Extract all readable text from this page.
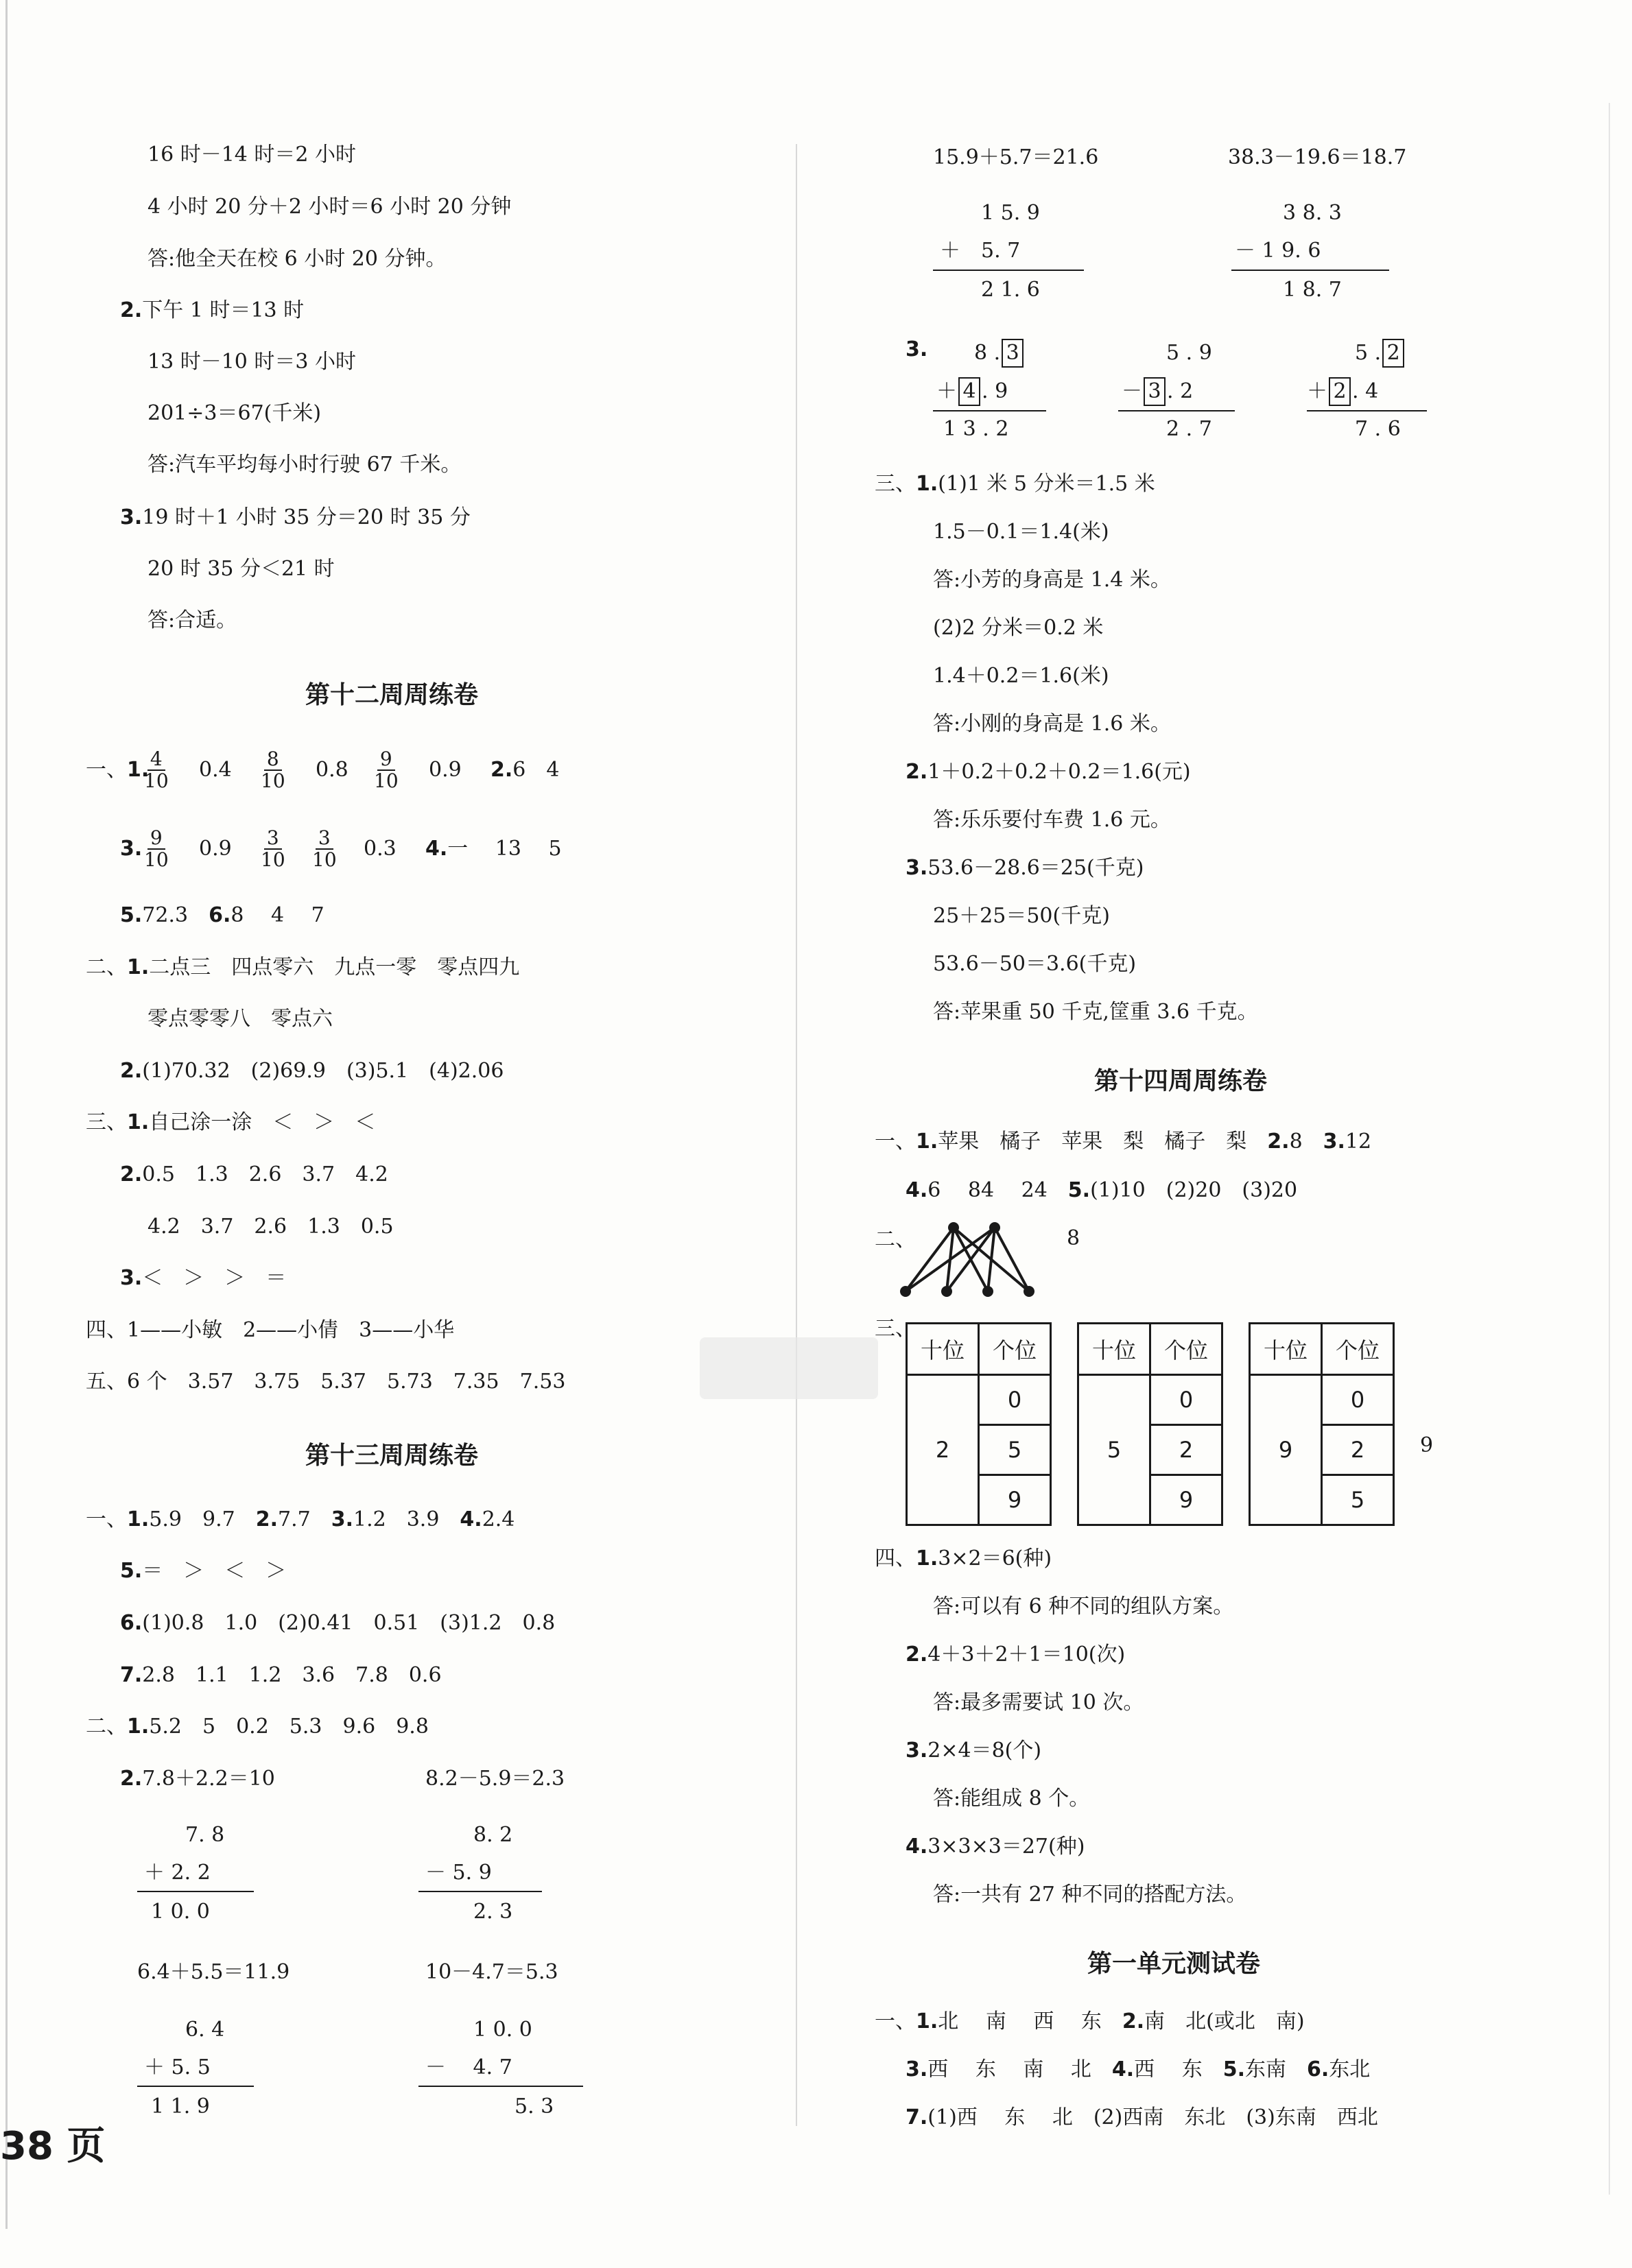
16 时－14 时＝2 小时
4 小时 20 分＋2 小时＝6 小时 20 分钟
答:他全天在校 6 小时 20 分钟。
2.下午 1 时＝13 时
13 时－10 时＝3 小时
201÷3＝67(千米)
答:汽车平均每小时行驶 67 千米。
3.19 时＋1 小时 35 分＝20 时 35 分
20 时 35 分＜21 时
答:合适。
第十二周周练卷
一、1.
$\frac{4}{10} 0.4 \frac{8}{10} 0.8 \frac{9}{10} 0.9$ 2.6　4
3. $\frac{9}{10} 0.9 \frac{3}{10} \frac{3}{10} 0.3$ 4.一　 13　 5
5.72.3　 6.8　 4　 7
二、1.二点三　四点零六　九点一零　零点四九
零点零零八　零点六
2.(1)70.32　(2)69.9　(3)5.1　(4)2.06
三、1.自己涂一涂　＜　＞　＜
2.0.5　1.3　2.6　3.7　4.2
4.2　3.7　2.6　1.3　0.5
3.＜　＞　＞　＝
四、1——小敏　2——小倩　3——小华
五、6 个　3.57　3.75　5.37　5.73　7.35　7.53
第十三周周练卷
一、1.5.9　9.7　 2.7.7　 3.1.2　3.9　 4.2.4
5.＝　＞　＜　＞
6.(1)0.8　1.0　(2)0.41　0.51　(3)1.2　0.8
7.2.8　1.1　1.2　3.6　7.8　0.6
二、1.5.2　5　0.2　5.3　9.6　9.8
2.7.8＋2.2＝10	8.2－5.9＝2.3
7. 8
＋ 2. 2
1 0. 0
8. 2
－ 5. 9
2. 3
6.4＋5.5＝11.9	10－4.7＝5.3
6. 4
＋ 5. 5
1 1. 9
1 0. 0
－　 4. 7
5. 3
38 页
15.9＋5.7＝21.6	38.3－19.6＝18.7
1 5. 9
＋　5. 7
2 1. 6
3 8. 3
－ 1 9. 6
1 8. 7
3. 8 . 3
＋ 4 . 9
1 3 . 2
5 . 9
－ 3 . 2
2 . 7
5 . 2
＋ 2 . 4
7 . 6
三、1.(1)1 米 5 分米＝1.5 米
1.5－0.1＝1.4(米)
答:小芳的身高是 1.4 米。
(2)2 分米＝0.2 米
1.4＋0.2＝1.6(米)
答:小刚的身高是 1.6 米。
2.1＋0.2＋0.2＋0.2＝1.6(元)
答:乐乐要付车费 1.6 元。
3.53.6－28.6＝25(千克)
25＋25＝50(千克)
53.6－50＝3.6(千克)
答:苹果重 50 千克,筐重 3.6 千克。
第十四周周练卷
一、1.苹果　橘子　苹果　梨　橘子　梨　 2.8　 3.12
4.6　 84　 24　 5.(1)10　(2)20　(3)20
二、	8
三、
十位	个位
2	0
	5
	9
十位	个位
5	0
	2
	9
十位	个位
9	0
	2
	5
9
四、1.3×2＝6(种)
答:可以有 6 种不同的组队方案。
2.4＋3＋2＋1＝10(次)
答:最多需要试 10 次。
3.2×4＝8(个)
答:能组成 8 个。
4.3×3×3＝27(种)
答:一共有 27 种不同的搭配方法。
第一单元测试卷
一、1.北　 南　 西　 东　 2.南　北(或北　南)
3.西　 东　 南　 北　 4.西　 东　 5.东南　 6.东北
7.(1)西　 东　 北　(2)西南　东北　(3)东南　西北
